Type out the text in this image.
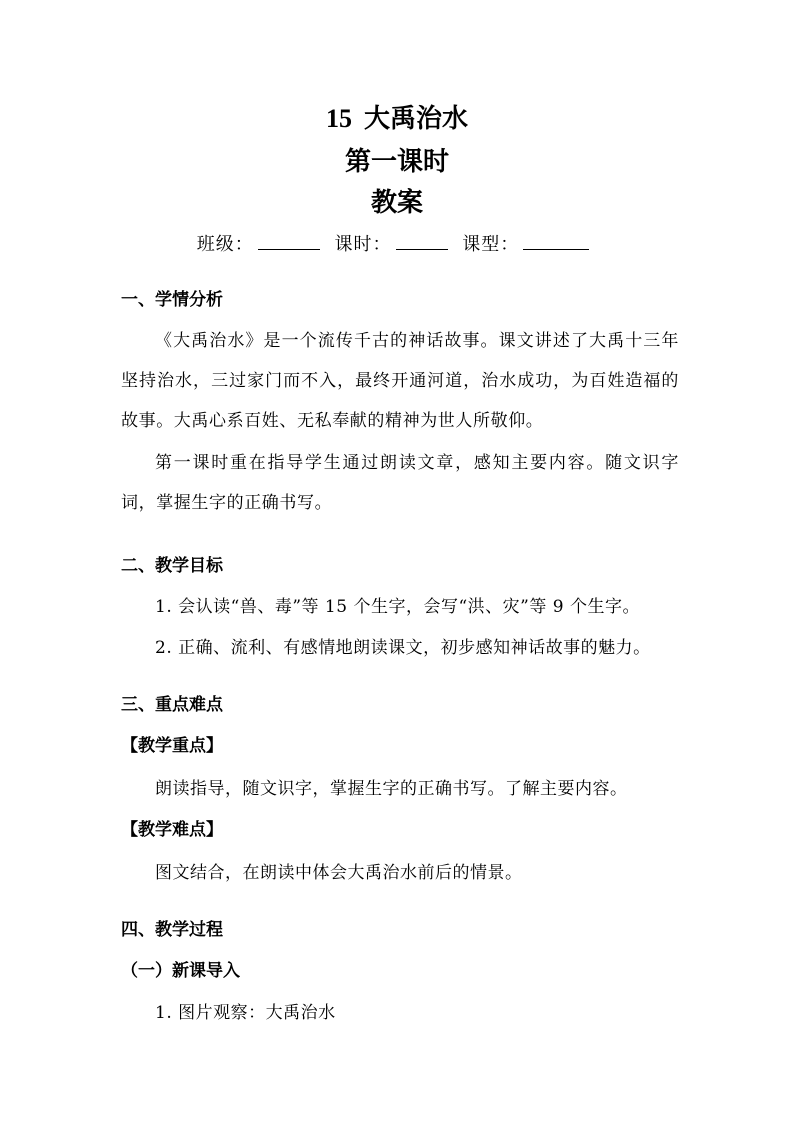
15 大禹治水
第一课时
教案
班级：	课时：	课型：
一、学情分析
《大禹治水》是一个流传千古的神话故事。课文讲述了大禹十三年坚持治水，三过家门而不入，最终开通河道，治水成功，为百姓造福的故事。大禹心系百姓、无私奉献的精神为世人所敬仰。
第一课时重在指导学生通过朗读文章，感知主要内容。随文识字词，掌握生字的正确书写。
二、教学目标
1. 会认读“兽、毒”等 15 个生字，会写“洪、灾”等 9 个生字。
2. 正确、流利、有感情地朗读课文，初步感知神话故事的魅力。
三、重点难点
【教学重点】
朗读指导，随文识字，掌握生字的正确书写。了解主要内容。
【教学难点】
图文结合，在朗读中体会大禹治水前后的情景。
四、教学过程
（一）新课导入
1. 图片观察：大禹治水
